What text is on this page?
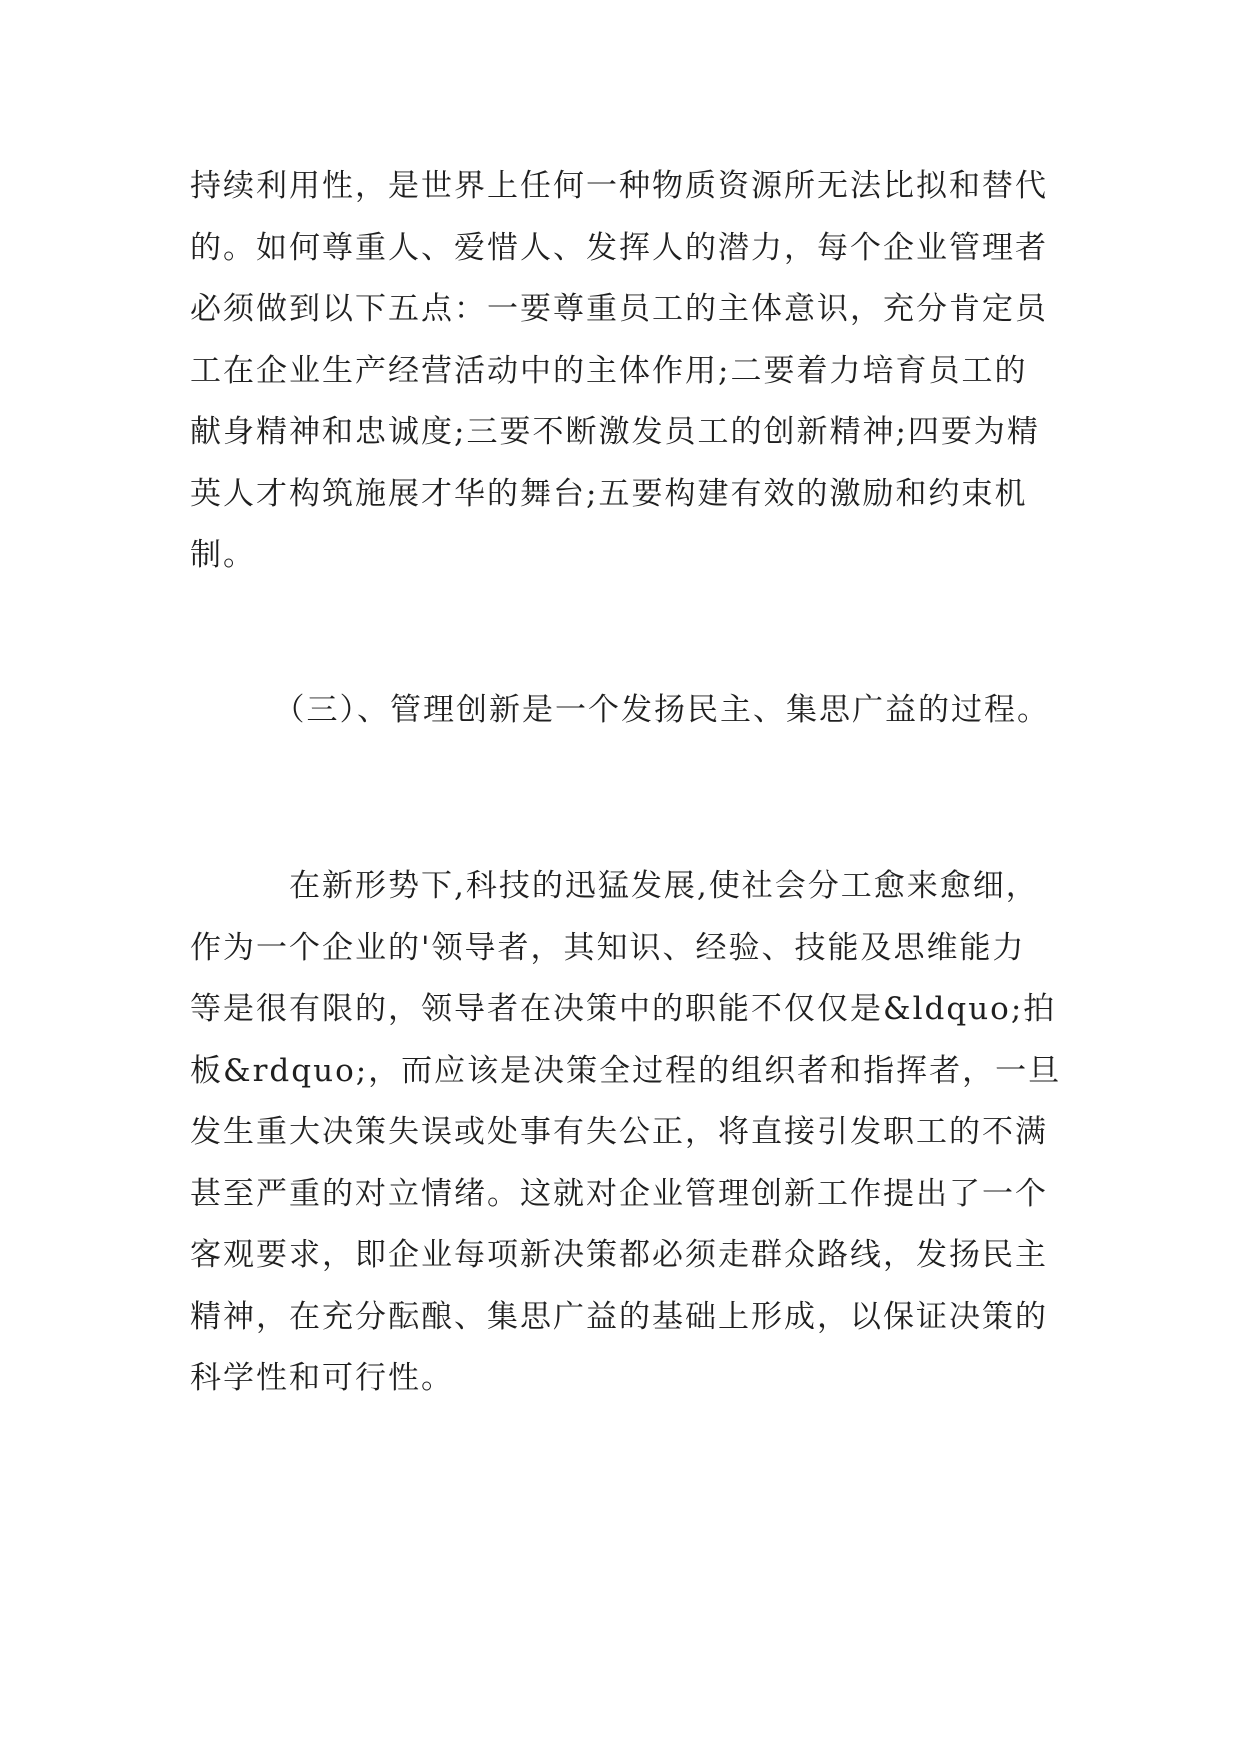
持续利用性，是世界上任何一种物质资源所无法比拟和替代
的。如何尊重人、爱惜人、发挥人的潜力，每个企业管理者
必须做到以下五点：一要尊重员工的主体意识，充分肯定员
工在企业生产经营活动中的主体作用;二要着力培育员工的
献身精神和忠诚度;三要不断激发员工的创新精神;四要为精
英人才构筑施展才华的舞台;五要构建有效的激励和约束机
制。
　　　（三）、管理创新是一个发扬民主、集思广益的过程。
　　　在新形势下,科技的迅猛发展,使社会分工愈来愈细，
作为一个企业的'领导者，其知识、经验、技能及思维能力
等是很有限的，领导者在决策中的职能不仅仅是&ldquo;拍
板&rdquo;，而应该是决策全过程的组织者和指挥者，一旦
发生重大决策失误或处事有失公正，将直接引发职工的不满
甚至严重的对立情绪。这就对企业管理创新工作提出了一个
客观要求，即企业每项新决策都必须走群众路线，发扬民主
精神，在充分酝酿、集思广益的基础上形成，以保证决策的
科学性和可行性。
